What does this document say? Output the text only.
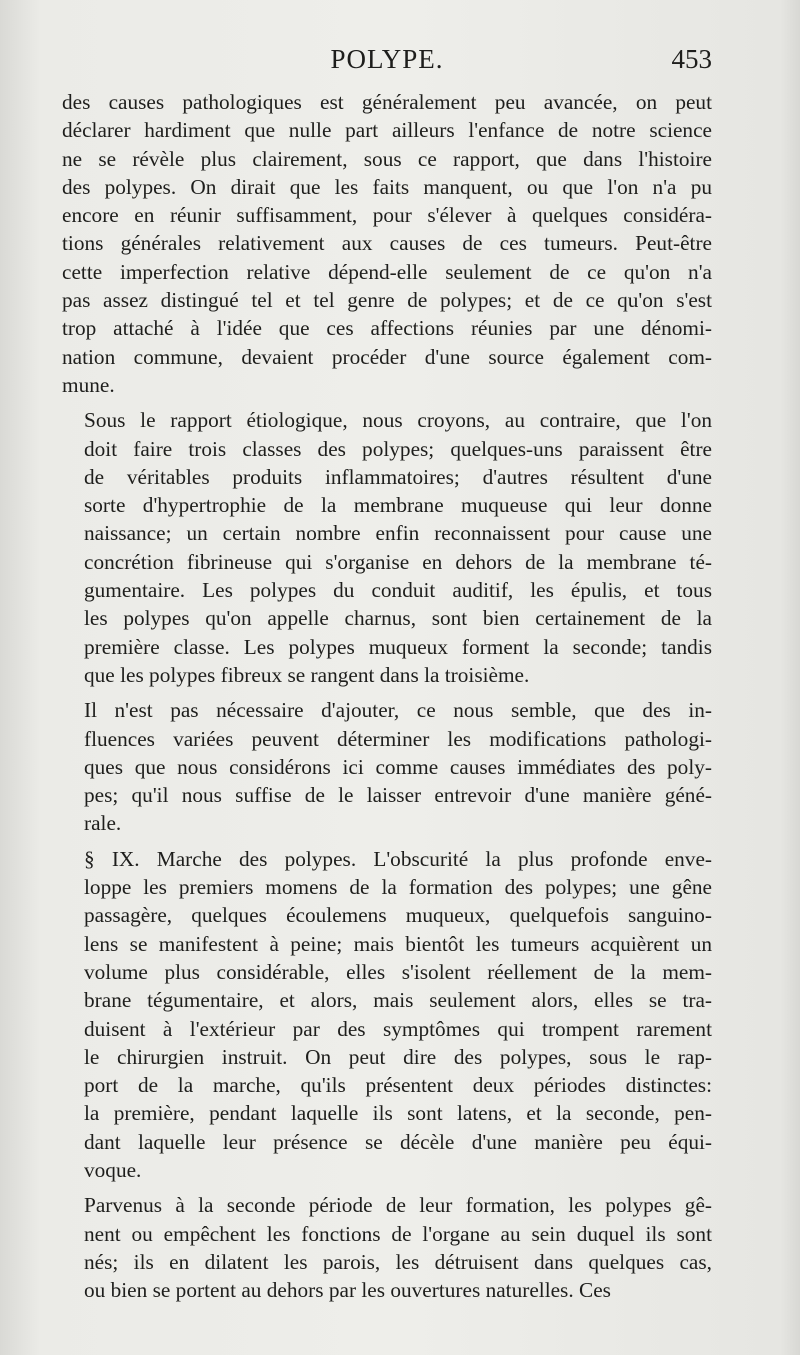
POLYPE.	453
des causes pathologiques est généralement peu avancée, on peut
déclarer hardiment que nulle part ailleurs l'enfance de notre science
ne se révèle plus clairement, sous ce rapport, que dans l'histoire
des polypes. On dirait que les faits manquent, ou que l'on n'a pu
encore en réunir suffisamment, pour s'élever à quelques considéra-
tions générales relativement aux causes de ces tumeurs. Peut-être
cette imperfection relative dépend-elle seulement de ce qu'on n'a
pas assez distingué tel et tel genre de polypes; et de ce qu'on s'est
trop attaché à l'idée que ces affections réunies par une dénomi-
nation commune, devaient procéder d'une source également com-
mune.
Sous le rapport étiologique, nous croyons, au contraire, que l'on
doit faire trois classes des polypes; quelques-uns paraissent être
de véritables produits inflammatoires; d'autres résultent d'une
sorte d'hypertrophie de la membrane muqueuse qui leur donne
naissance; un certain nombre enfin reconnaissent pour cause une
concrétion fibrineuse qui s'organise en dehors de la membrane té-
gumentaire. Les polypes du conduit auditif, les épulis, et tous
les polypes qu'on appelle charnus, sont bien certainement de la
première classe. Les polypes muqueux forment la seconde; tandis
que les polypes fibreux se rangent dans la troisième.
Il n'est pas nécessaire d'ajouter, ce nous semble, que des in-
fluences variées peuvent déterminer les modifications pathologi-
ques que nous considérons ici comme causes immédiates des poly-
pes; qu'il nous suffise de le laisser entrevoir d'une manière géné-
rale.
§ IX. Marche des polypes. L'obscurité la plus profonde enve-
loppe les premiers momens de la formation des polypes; une gêne
passagère, quelques écoulemens muqueux, quelquefois sanguino-
lens se manifestent à peine; mais bientôt les tumeurs acquièrent un
volume plus considérable, elles s'isolent réellement de la mem-
brane tégumentaire, et alors, mais seulement alors, elles se tra-
duisent à l'extérieur par des symptômes qui trompent rarement
le chirurgien instruit. On peut dire des polypes, sous le rap-
port de la marche, qu'ils présentent deux périodes distinctes:
la première, pendant laquelle ils sont latens, et la seconde, pen-
dant laquelle leur présence se décèle d'une manière peu équi-
voque.
Parvenus à la seconde période de leur formation, les polypes gê-
nent ou empêchent les fonctions de l'organe au sein duquel ils sont
nés; ils en dilatent les parois, les détruisent dans quelques cas,
ou bien se portent au dehors par les ouvertures naturelles. Ces
